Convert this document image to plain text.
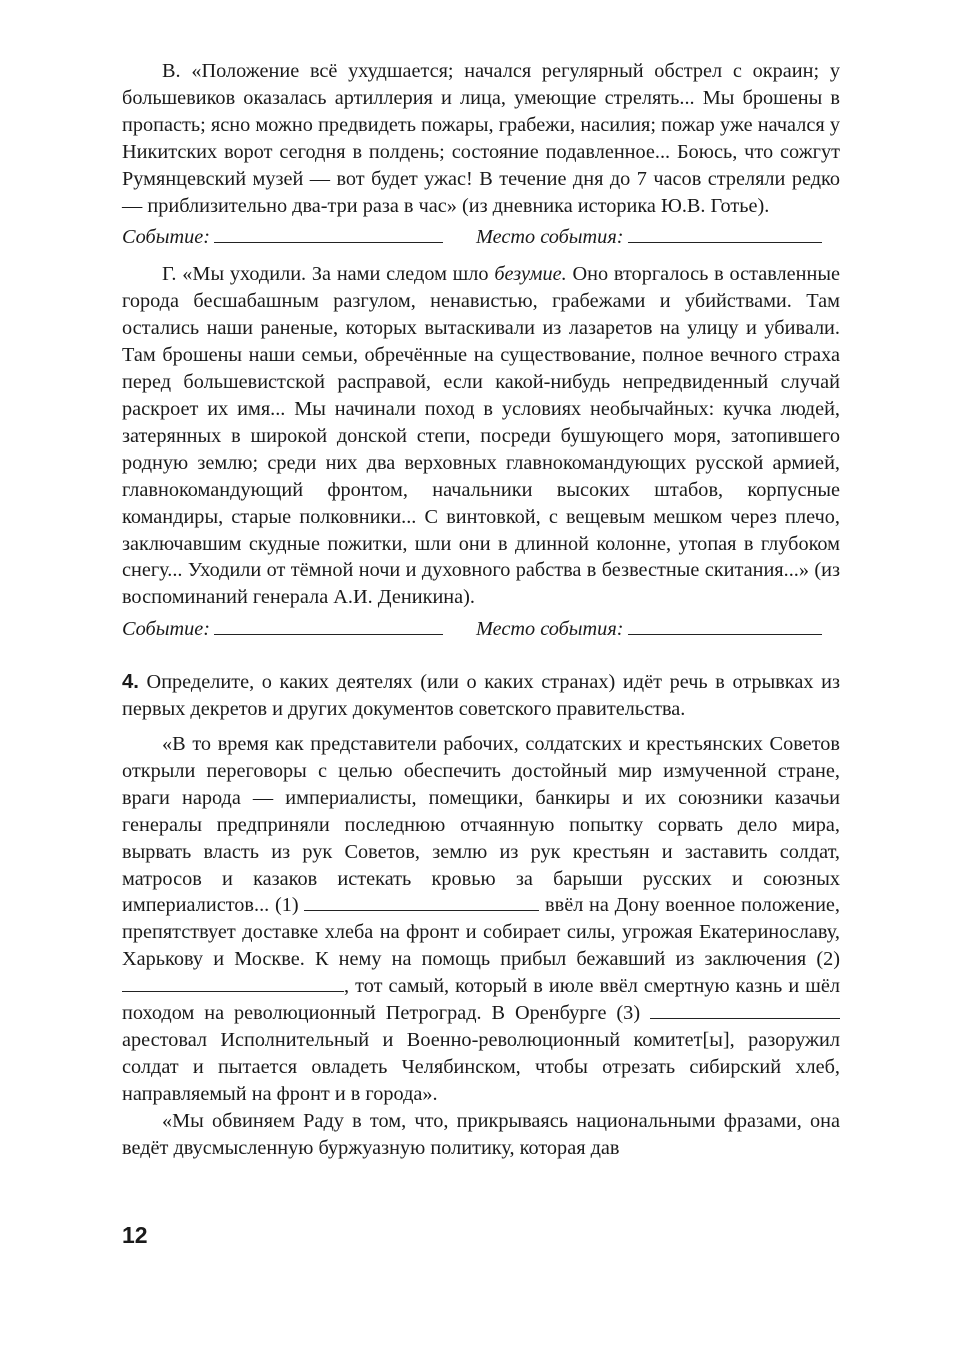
В. «Положение всё ухудшается; начался регулярный обстрел с окраин; у большевиков оказалась артиллерия и лица, умеющие стрелять... Мы брошены в пропасть; ясно можно предвидеть пожары, грабежи, насилия; пожар уже начался у Никитских ворот сегодня в полдень; состояние подавленное... Боюсь, что сожгут Румянцевский музей — вот будет ужас! В течение дня до 7 часов стреляли редко — приблизительно два-три раза в час» (из дневника историка Ю.В. Готье).

Событие:	Место события:

Г. «Мы уходили. За нами следом шло безумие. Оно вторгалось в оставленные города бесшабашным разгулом, ненавистью, грабежами и убийствами. Там остались наши раненые, которых вытаскивали из лазаретов на улицу и убивали. Там брошены наши семьи, обречённые на существование, полное вечного страха перед большевистской расправой, если какой-нибудь непредвиденный случай раскроет их имя... Мы начинали поход в условиях необычайных: кучка людей, затерянных в широкой донской степи, посреди бушующего моря, затопившего родную землю; среди них два верховных главнокомандующих русской армией, главнокомандующий фронтом, начальники высоких штабов, корпусные командиры, старые полковники... С винтовкой, с вещевым мешком через плечо, заключавшим скудные пожитки, шли они в длинной колонне, утопая в глубоком снегу... Уходили от тёмной ночи и духовного рабства в безвестные скитания...» (из воспоминаний генерала А.И. Деникина).

Событие:	Место события:

4. Определите, о каких деятелях (или о каких странах) идёт речь в отрывках из первых декретов и других документов советского правительства.

«В то время как представители рабочих, солдатских и крестьянских Советов открыли переговоры с целью обеспечить достойный мир измученной стране, враги народа — империалисты, помещики, банкиры и их союзники казачьи генералы предприняли последнюю отчаянную попытку сорвать дело мира, вырвать власть из рук Советов, землю из рук крестьян и заставить солдат, матросов и казаков истекать кровью за барыши русских и союзных империалистов... (1)	ввёл на Дону военное положение, препятствует доставке хлеба на фронт и собирает силы, угрожая Екатеринославу, Харькову и Москве. К нему на помощь прибыл бежавший из заключения (2) , тот самый, который в июле ввёл смертную казнь и шёл походом на революционный Петроград. В Оренбурге (3)  арестовал Исполнительный и Военно-революционный комитет[ы], разоружил солдат и пытается овладеть Челябинском, чтобы отрезать сибирский хлеб, направляемый на фронт и в города».

«Мы обвиняем Раду в том, что, прикрываясь национальными фразами, она ведёт двусмысленную буржуазную политику, которая дав

12
